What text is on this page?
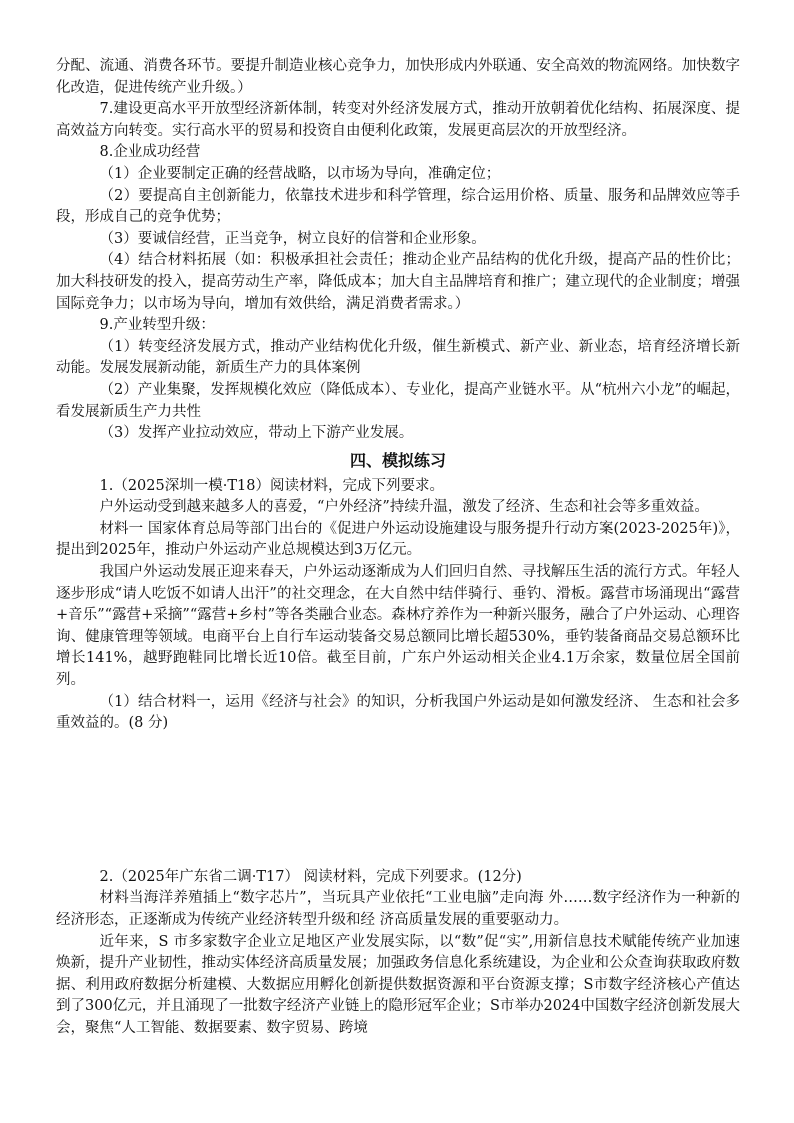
分配、流通、消费各环节。要提升制造业核心竞争力，加快形成内外联通、安全高效的物流网络。加快数字化改造，促进传统产业升级。）

7.建设更高水平开放型经济新体制，转变对外经济发展方式，推动开放朝着优化结构、拓展深度、提高效益方向转变。实行高水平的贸易和投资自由便利化政策，发展更高层次的开放型经济。

8.企业成功经营

（1）企业要制定正确的经营战略，以市场为导向，准确定位；

（2）要提高自主创新能力，依靠技术进步和科学管理，综合运用价格、质量、服务和品牌效应等手段，形成自己的竞争优势；

（3）要诚信经营，正当竞争，树立良好的信誉和企业形象。

（4）结合材料拓展（如：积极承担社会责任；推动企业产品结构的优化升级，提高产品的性价比；加大科技研发的投入，提高劳动生产率，降低成本；加大自主品牌培育和推广；建立现代的企业制度；增强国际竞争力；以市场为导向，增加有效供给，满足消费者需求。）

9.产业转型升级：

（1）转变经济发展方式，推动产业结构优化升级，催生新模式、新产业、新业态，培育经济增长新动能。发展发展新动能，新质生产力的具体案例

（2）产业集聚，发挥规模化效应（降低成本）、专业化，提高产业链水平。从“杭州六小龙”的崛起，看发展新质生产力共性

（3）发挥产业拉动效应，带动上下游产业发展。

四、模拟练习

1.（2025深圳一模·T18）阅读材料，完成下列要求。

户外运动受到越来越多人的喜爱，“户外经济”持续升温，激发了经济、生态和社会等多重效益。

材料一 国家体育总局等部门出台的《促进户外运动设施建设与服务提升行动方案(2023-2025年)》，提出到2025年，推动户外运动产业总规模达到3万亿元。

我国户外运动发展正迎来春天，户外运动逐渐成为人们回归自然、寻找解压生活的流行方式。年轻人逐步形成“请人吃饭不如请人出汗”的社交理念，在大自然中结伴骑行、垂钓、滑板。露营市场涌现出“露营+音乐”“露营+采摘”“露营+乡村”等各类融合业态。森林疗养作为一种新兴服务，融合了户外运动、心理咨询、健康管理等领域。电商平台上自行车运动装备交易总额同比增长超530%，垂钓装备商品交易总额环比增长141%，越野跑鞋同比增长近10倍。截至目前，广东户外运动相关企业4.1万余家，数量位居全国前列。

（1）结合材料一，运用《经济与社会》的知识，分析我国户外运动是如何激发经济、 生态和社会多重效益的。(8 分)

2.（2025年广东省二调·T17） 阅读材料，完成下列要求。(12分)

材料当海洋养殖插上“数字芯片”，当玩具产业依托“工业电脑”走向海 外……数字经济作为一种新的经济形态，正逐渐成为传统产业经济转型升级和经 济高质量发展的重要驱动力。

近年来，S 市多家数字企业立足地区产业发展实际，以“数”促“实”,用新信息技术赋能传统产业加速焕新，提升产业韧性，推动实体经济高质量发展；加强政务信息化系统建设，为企业和公众查询获取政府数据、利用政府数据分析建模、大数据应用孵化创新提供数据资源和平台资源支撑；S市数字经济核心产值达到了300亿元，并且涌现了一批数字经济产业链上的隐形冠军企业；S市举办2024中国数字经济创新发展大会，聚焦“人工智能、数据要素、数字贸易、跨境
